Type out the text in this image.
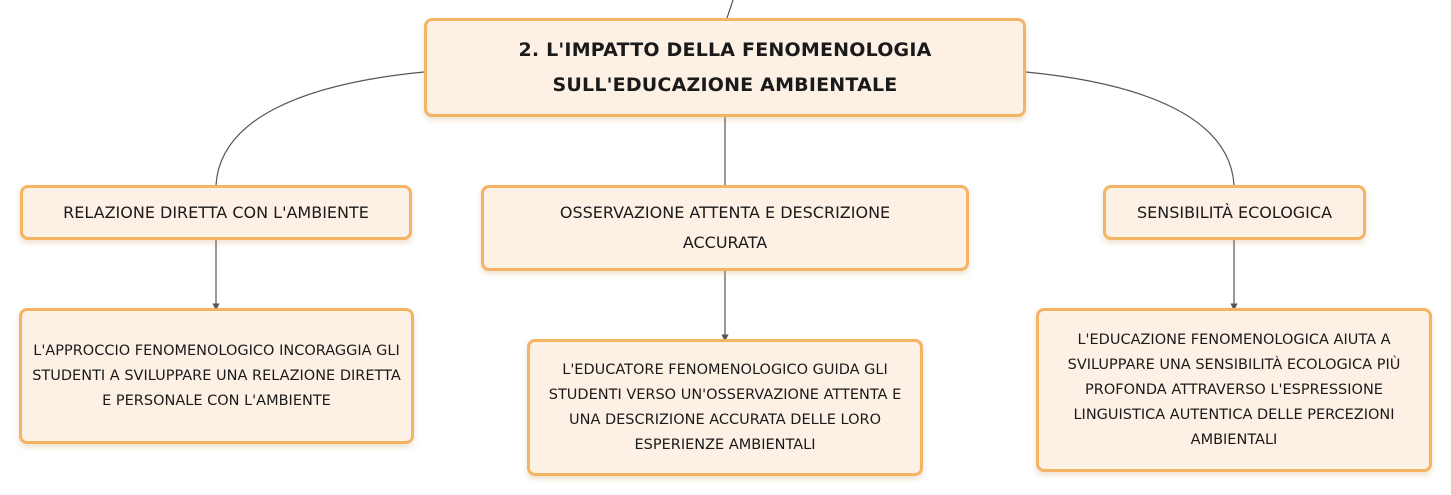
2. L'IMPATTO DELLA FENOMENOLOGIA
SULL'EDUCAZIONE AMBIENTALE
RELAZIONE DIRETTA CON L'AMBIENTE	OSSERVAZIONE ATTENTA E DESCRIZIONE ACCURATA
SENSIBILITÀ ECOLOGICA
L'APPROCCIO FENOMENOLOGICO INCORAGGIA GLI STUDENTI A SVILUPPARE UNA RELAZIONE DIRETTA E PERSONALE CON L'AMBIENTE
L'EDUCATORE FENOMENOLOGICO GUIDA GLI STUDENTI VERSO UN'OSSERVAZIONE ATTENTA E UNA DESCRIZIONE ACCURATA DELLE LORO ESPERIENZE AMBIENTALI
L'EDUCAZIONE FENOMENOLOGICA AIUTA A SVILUPPARE UNA SENSIBILITÀ ECOLOGICA PIÙ PROFONDA ATTRAVERSO L'ESPRESSIONE LINGUISTICA AUTENTICA DELLE PERCEZIONI AMBIENTALI
